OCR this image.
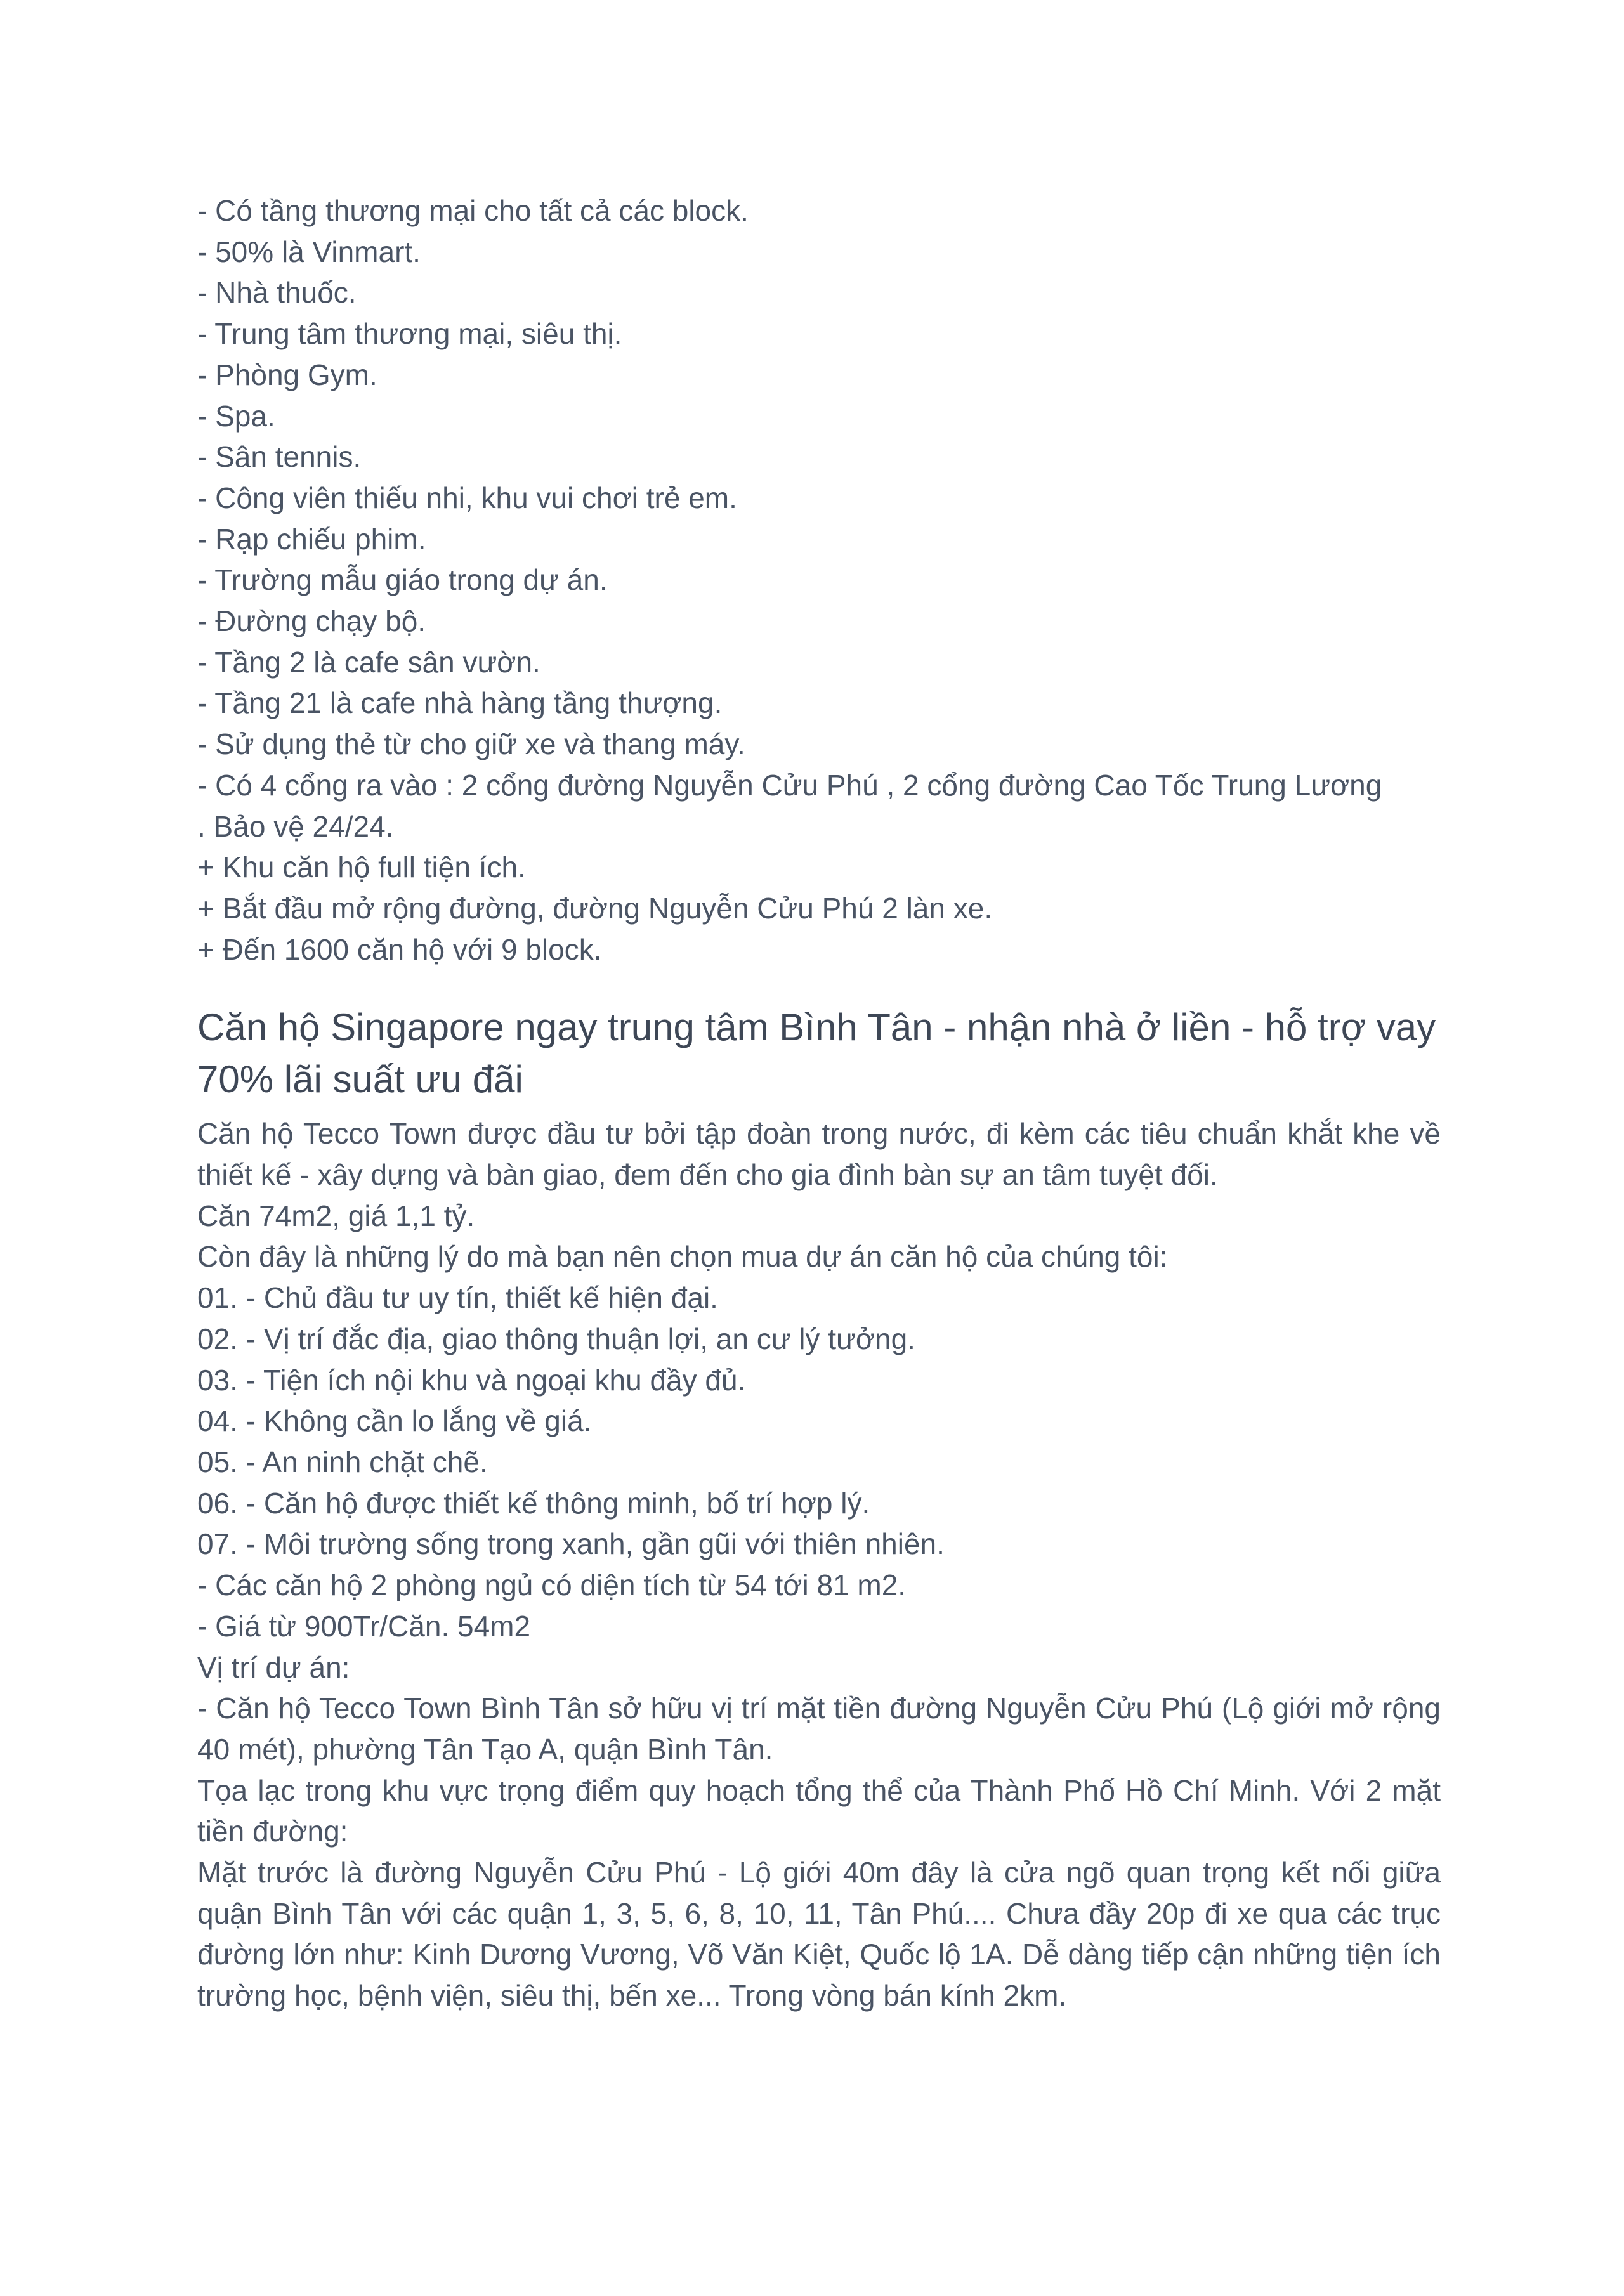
- Có tầng thương mại cho tất cả các block.

- 50% là Vinmart.

- Nhà thuốc.

- Trung tâm thương mại, siêu thị.

- Phòng Gym.

- Spa.

- Sân tennis.

- Công viên thiếu nhi, khu vui chơi trẻ em.

- Rạp chiếu phim.

- Trường mẫu giáo trong dự án.

- Đường chạy bộ.

- Tầng 2 là cafe sân vườn.

- Tầng 21 là cafe nhà hàng tầng thượng.

- Sử dụng thẻ từ cho giữ xe và thang máy.

- Có 4 cổng ra vào : 2 cổng đường Nguyễn Cửu Phú , 2 cổng đường Cao Tốc Trung Lương

. Bảo vệ 24/24.

+ Khu căn hộ full tiện ích.

+ Bắt đầu mở rộng đường, đường Nguyễn Cửu Phú 2 làn xe.

+ Đến 1600 căn hộ với 9 block.

Căn hộ Singapore ngay trung tâm Bình Tân - nhận nhà ở liền - hỗ trợ vay 70% lãi suất ưu đãi

Căn hộ Tecco Town được đầu tư bởi tập đoàn trong nước, đi kèm các tiêu chuẩn khắt khe về thiết kế - xây dựng và bàn giao, đem đến cho gia đình bàn sự an tâm tuyệt đối.

Căn 74m2, giá 1,1 tỷ.

Còn đây là những lý do mà bạn nên chọn mua dự án căn hộ của chúng tôi:

01. - Chủ đầu tư uy tín, thiết kế hiện đại.

02. - Vị trí đắc địa, giao thông thuận lợi, an cư lý tưởng.

03. - Tiện ích nội khu và ngoại khu đầy đủ.

04. - Không cần lo lắng về giá.

05. - An ninh chặt chẽ.

06. - Căn hộ được thiết kế thông minh, bố trí hợp lý.

07. - Môi trường sống trong xanh, gần gũi với thiên nhiên.

- Các căn hộ 2 phòng ngủ có diện tích từ 54 tới 81 m2.

- Giá từ 900Tr/Căn. 54m2

Vị trí dự án:

- Căn hộ Tecco Town Bình Tân sở hữu vị trí mặt tiền đường Nguyễn Cửu Phú (Lộ giới mở rộng 40 mét), phường Tân Tạo A, quận Bình Tân.

Tọa lạc trong khu vực trọng điểm quy hoạch tổng thể của Thành Phố Hồ Chí Minh. Với 2 mặt tiền đường:

Mặt trước là đường Nguyễn Cửu Phú - Lộ giới 40m đây là cửa ngõ quan trọng kết nối giữa quận Bình Tân với các quận 1, 3, 5, 6, 8, 10, 11, Tân Phú.... Chưa đầy 20p đi xe qua các trục đường lớn như: Kinh Dương Vương, Võ Văn Kiệt, Quốc lộ 1A. Dễ dàng tiếp cận những tiện ích trường học, bệnh viện, siêu thị, bến xe... Trong vòng bán kính 2km.
